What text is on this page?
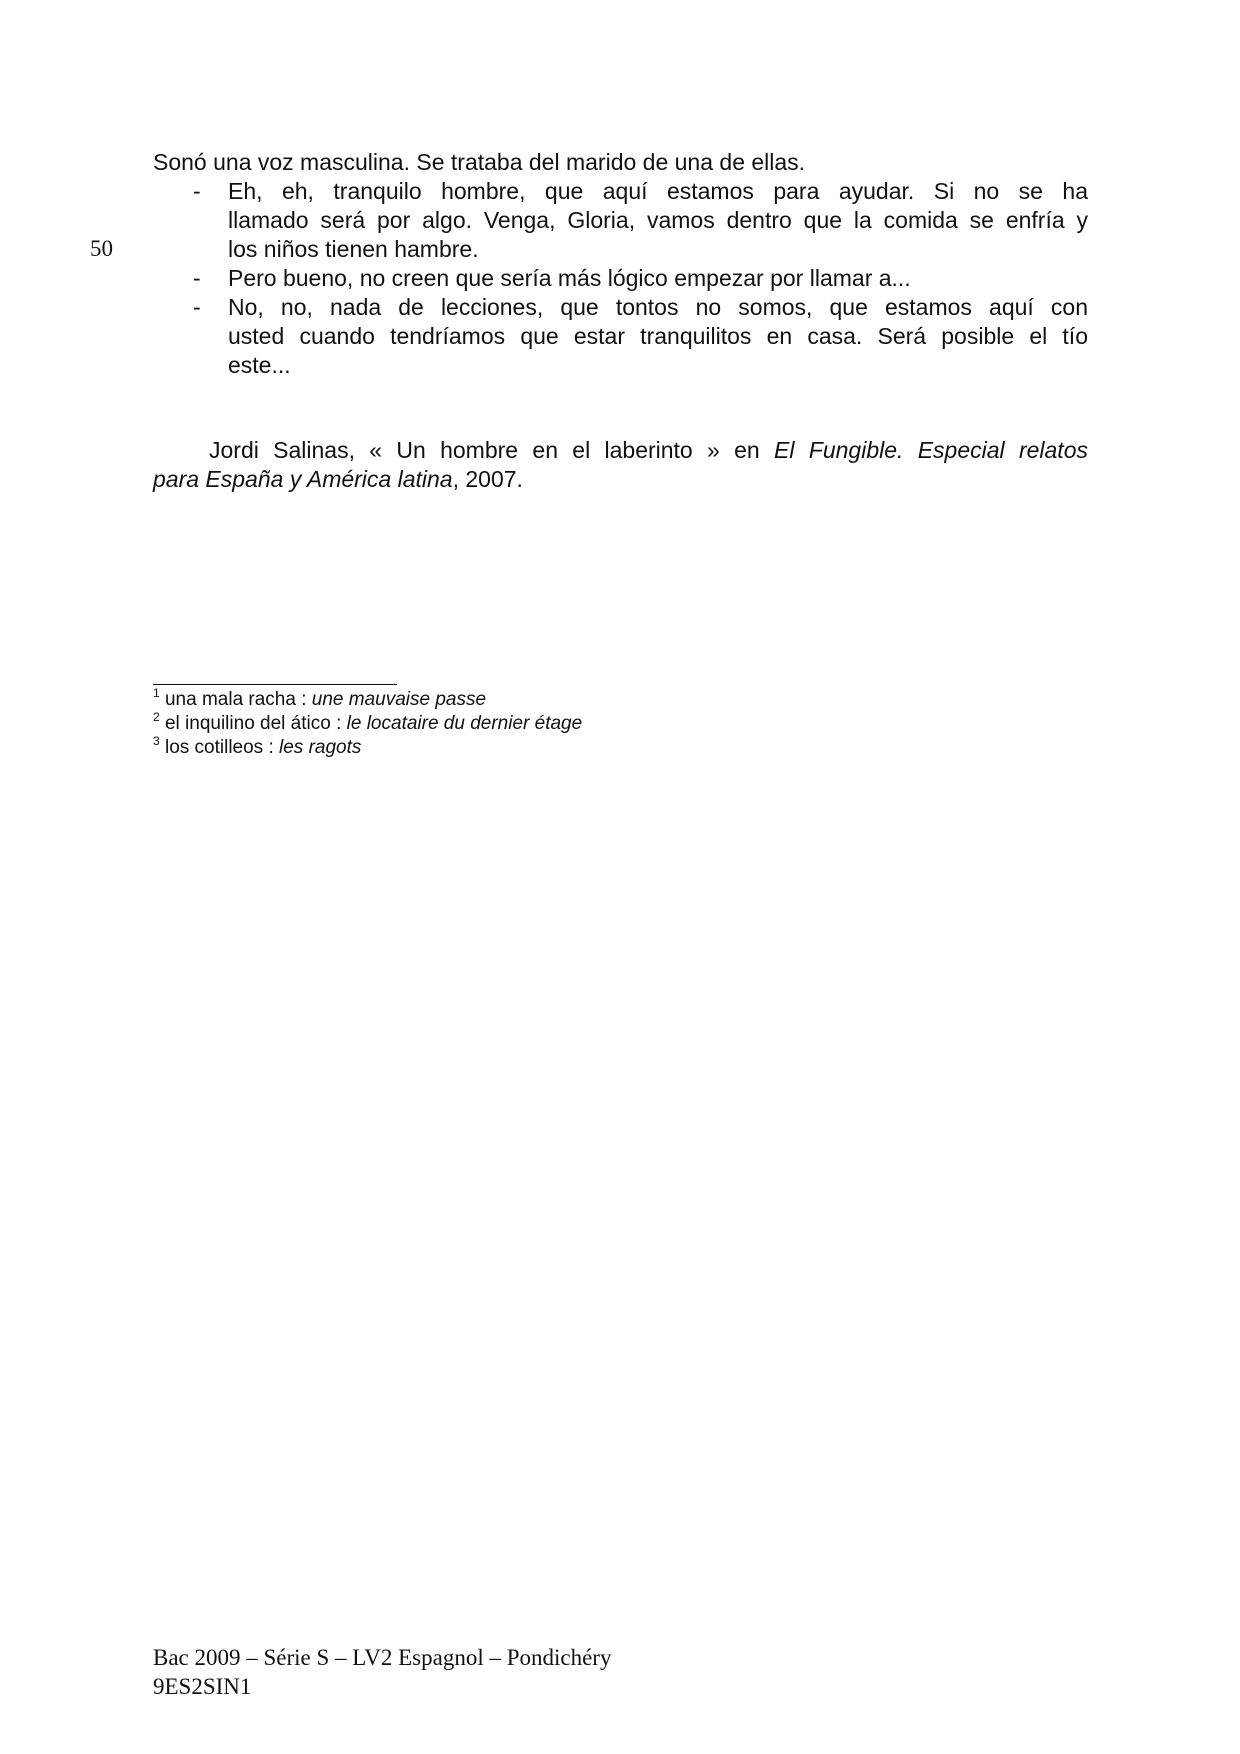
50
Sonó una voz masculina. Se trataba del marido de una de ellas.
- Eh, eh, tranquilo hombre, que aquí estamos para ayudar. Si no se ha
llamado será por algo. Venga, Gloria, vamos dentro que la comida se enfría y
los niños tienen hambre.
- Pero bueno, no creen que sería más lógico empezar por llamar a...
- No, no, nada de lecciones, que tontos no somos, que estamos aquí con
usted cuando tendríamos que estar tranquilitos en casa. Será posible el tío
este...
Jordi Salinas, « Un hombre en el laberinto » en El Fungible. Especial relatos
para España y América latina, 2007.
$^1$ una mala racha : une mauvaise passe
$^2$ el inquilino del ático : le locataire du dernier étage
$^3$ los cotilleos : les ragots
Bac 2009 – Série S – LV2 Espagnol – Pondichéry
9ES2SIN1
